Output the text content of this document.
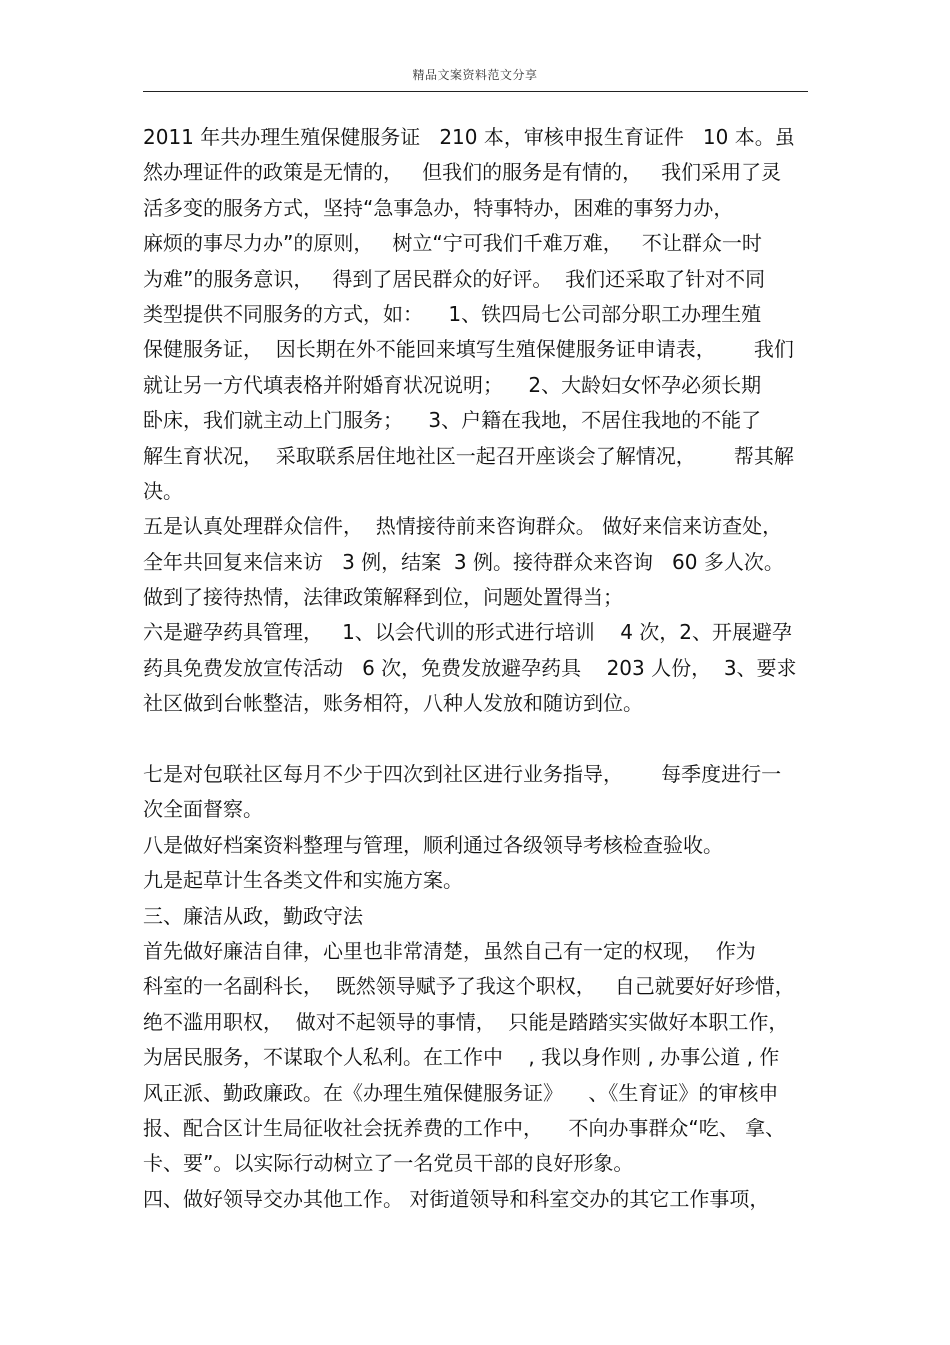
精品文案资料范文分享
2011 年共办理生殖保健服务证   210 本，审核申报生育证件   10 本。虽
然办理证件的政策是无情的，   但我们的服务是有情的，   我们采用了灵
活多变的服务方式，坚持“急事急办，特事特办，困难的事努力办，
麻烦的事尽力办”的原则，   树立“宁可我们千难万难，   不让群众一时
为难”的服务意识，   得到了居民群众的好评。  我们还采取了针对不同
类型提供不同服务的方式，如：    1、铁四局七公司部分职工办理生殖
保健服务证，  因长期在外不能回来填写生殖保健服务证申请表，      我们
就让另一方代填表格并附婚育状况说明；    2、大龄妇女怀孕必须长期
卧床，我们就主动上门服务；    3、户籍在我地，不居住我地的不能了
解生育状况，  采取联系居住地社区一起召开座谈会了解情况，      帮其解
决。
五是认真处理群众信件，  热情接待前来咨询群众。 做好来信来访查处，
全年共回复来信来访   3 例，结案  3 例。接待群众来咨询   60 多人次。
做到了接待热情，法律政策解释到位，问题处置得当；
六是避孕药具管理，   1、以会代训的形式进行培训    4 次，2、开展避孕
药具免费发放宣传活动   6 次，免费发放避孕药具    203 人份，  3、要求
社区做到台帐整洁，账务相符，八种人发放和随访到位。
七是对包联社区每月不少于四次到社区进行业务指导，      每季度进行一
次全面督察。
八是做好档案资料整理与管理，顺利通过各级领导考核检查验收。
九是起草计生各类文件和实施方案。
三、廉洁从政，勤政守法
首先做好廉洁自律，心里也非常清楚，虽然自己有一定的权现，  作为
科室的一名副科长，  既然领导赋予了我这个职权，   自己就要好好珍惜，
绝不滥用职权，  做对不起领导的事情，  只能是踏踏实实做好本职工作，
为居民服务，不谋取个人私利。在工作中    , 我以身作则 , 办事公道 , 作
风正派、勤政廉政。在《办理生殖保健服务证》    、《生育证》的审核申
报、配合区计生局征收社会抚养费的工作中，    不向办事群众“吃、 拿、
卡、要”。以实际行动树立了一名党员干部的良好形象。
四、做好领导交办其他工作。 对街道领导和科室交办的其它工作事项，
